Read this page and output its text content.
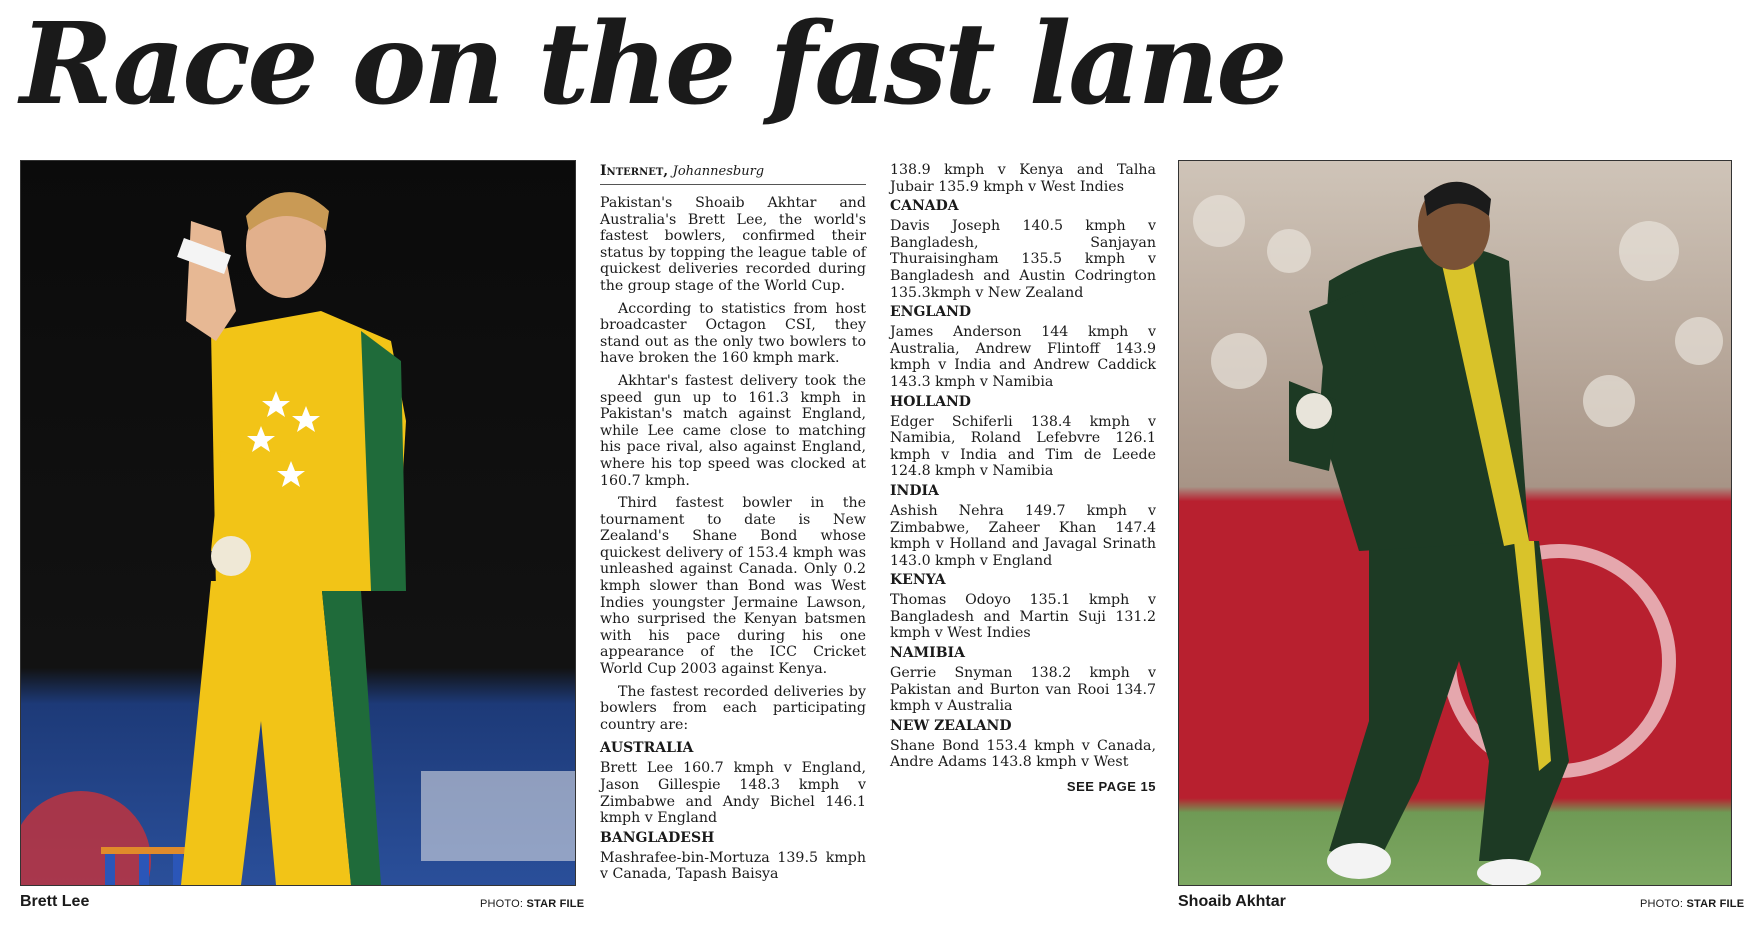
Race on the fast lane
Brett Lee	PHOTO: STAR FILE
Internet, Johannesburg

Pakistan's Shoaib Akhtar and Australia's Brett Lee, the world's fastest bowlers, confirmed their status by topping the league table of quickest deliveries recorded during the group stage of the World Cup.

According to statistics from host broadcaster Octagon CSI, they stand out as the only two bowlers to have broken the 160 kmph mark.

Akhtar's fastest delivery took the speed gun up to 161.3 kmph in Pakistan's match against England, while Lee came close to matching his pace rival, also against England, where his top speed was clocked at 160.7 kmph.

Third fastest bowler in the tournament to date is New Zealand's Shane Bond whose quickest delivery of 153.4 kmph was unleashed against Canada. Only 0.2 kmph slower than Bond was West Indies youngster Jermaine Lawson, who surprised the Kenyan batsmen with his pace during his one appearance of the ICC Cricket World Cup 2003 against Kenya.

The fastest recorded deliveries by bowlers from each participating country are:

AUSTRALIA
Brett Lee 160.7 kmph v England, Jason Gillespie 148.3 kmph v Zimbabwe and Andy Bichel 146.1 kmph v England
BANGLADESH
Mashrafee-bin-Mortuza 139.5 kmph v Canada, Tapash Baisya
138.9 kmph v Kenya and Talha Jubair 135.9 kmph v West Indies
CANADA
Davis Joseph 140.5 kmph v Bangladesh, Sanjayan Thuraisingham 135.5 kmph v Bangladesh and Austin Codrington 135.3kmph v New Zealand
ENGLAND
James Anderson 144 kmph v Australia, Andrew Flintoff 143.9 kmph v India and Andrew Caddick 143.3 kmph v Namibia
HOLLAND
Edger Schiferli 138.4 kmph v Namibia, Roland Lefebvre 126.1 kmph v India and Tim de Leede 124.8 kmph v Namibia
INDIA
Ashish Nehra 149.7 kmph v Zimbabwe, Zaheer Khan 147.4 kmph v Holland and Javagal Srinath 143.0 kmph v England
KENYA
Thomas Odoyo 135.1 kmph v Bangladesh and Martin Suji 131.2 kmph v West Indies
NAMIBIA
Gerrie Snyman 138.2 kmph v Pakistan and Burton van Rooi 134.7 kmph v Australia
NEW ZEALAND
Shane Bond 153.4 kmph v Canada, Andre Adams 143.8 kmph v West
SEE PAGE 15
Shoaib Akhtar	PHOTO: STAR FILE
